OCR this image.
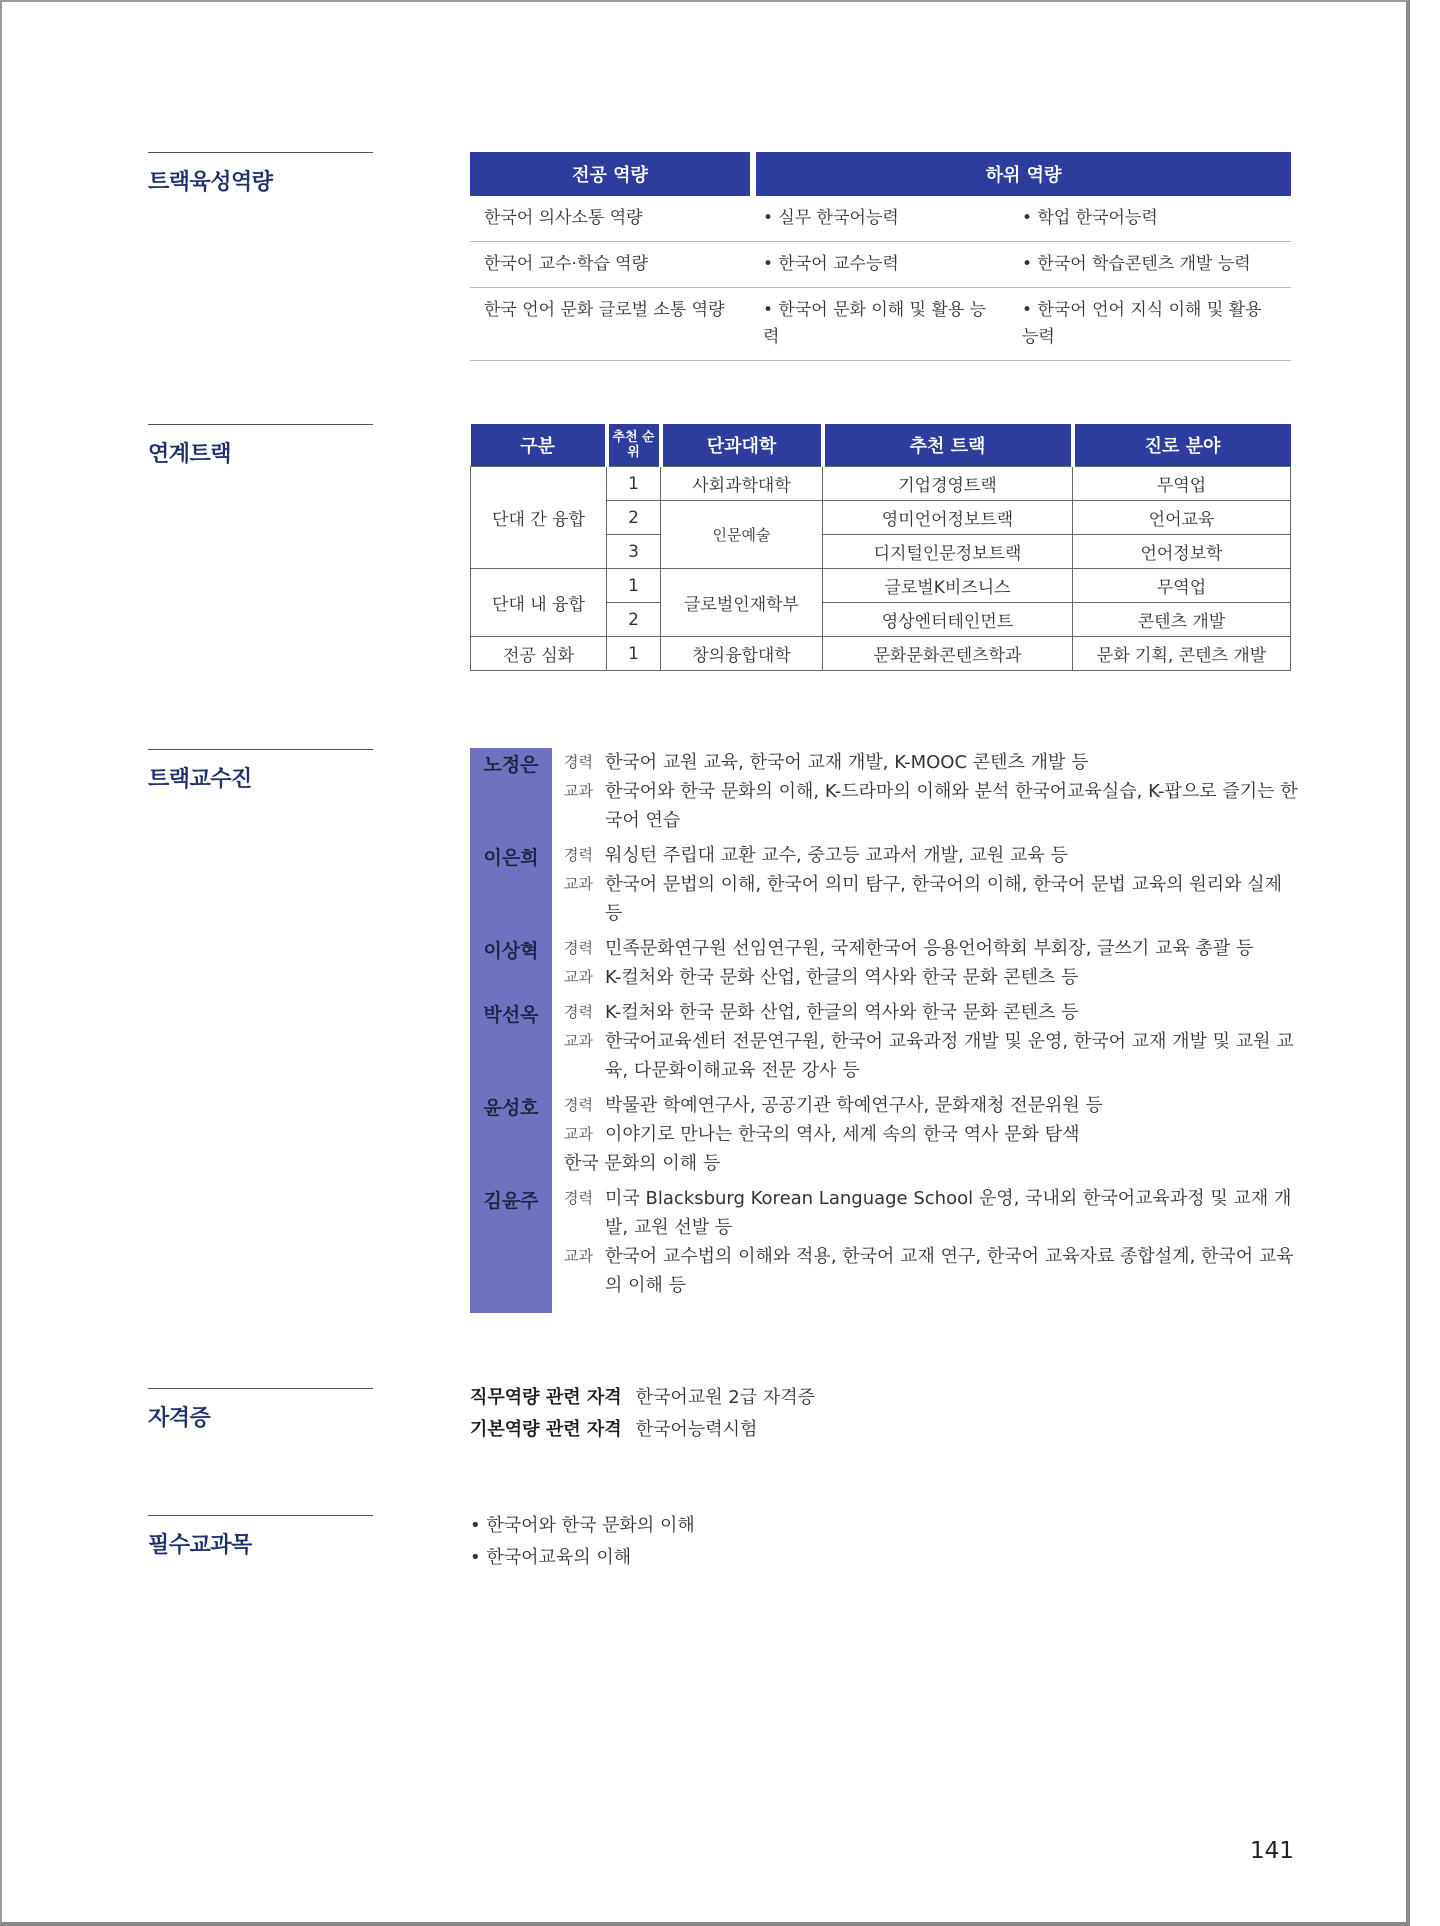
트랙육성역량
연계트랙
트랙교수진
자격증
필수교과목
전공 역량	하위 역량	
한국어 의사소통 역량	• 실무 한국어능력	• 학업 한국어능력
한국어 교수·학습 역량	• 한국어 교수능력	• 한국어 학습콘텐츠 개발 능력
한국 언어 문화 글로벌 소통 역량	• 한국어 문화 이해 및 활용 능력	• 한국어 언어 지식 이해 및 활용 능력
구분	추천 순위	단과대학	추천 트랙	진로 분야
단대 간 융합	1	사회과학대학	기업경영트랙	무역업
	2	인문예술	영미언어정보트랙	언어교육
	3		디지털인문정보트랙	언어정보학
단대 내 융합	1	글로벌인재학부	글로벌K비즈니스	무역업
	2		영상엔터테인먼트	콘텐츠 개발
전공 심화	1	창의융합대학	문화문화콘텐츠학과	문화 기획, 콘텐츠 개발
노정은	경력 한국어 교원 교육, 한국어 교재 개발, K-MOOC 콘텐츠 개발 등
교과 한국어와 한국 문화의 이해, K-드라마의 이해와 분석 한국어교육실습, K-팝으로 즐기는 한국어 연습
이은희	경력 워싱턴 주립대 교환 교수, 중고등 교과서 개발, 교원 교육 등
교과 한국어 문법의 이해, 한국어 의미 탐구, 한국어의 이해, 한국어 문법 교육의 원리와 실제 등
이상혁	경력 민족문화연구원 선임연구원, 국제한국어 응용언어학회 부회장, 글쓰기 교육 총괄 등
교과 K-컬처와 한국 문화 산업, 한글의 역사와 한국 문화 콘텐츠 등
박선옥	경력 K-컬처와 한국 문화 산업, 한글의 역사와 한국 문화 콘텐츠 등
교과 한국어교육센터 전문연구원, 한국어 교육과정 개발 및 운영, 한국어 교재 개발 및 교원 교육, 다문화이해교육 전문 강사 등
윤성호	경력 박물관 학예연구사, 공공기관 학예연구사, 문화재청 전문위원 등
교과 이야기로 만나는 한국의 역사, 세계 속의 한국 역사 문화 탐색
한국 문화의 이해 등
김윤주	경력 미국 Blacksburg Korean Language School 운영, 국내외 한국어교육과정 및 교재 개발, 교원 선발 등
교과 한국어 교수법의 이해와 적용, 한국어 교재 연구, 한국어 교육자료 종합설계, 한국어 교육의 이해 등
직무역량 관련 자격 한국어교원 2급 자격증
기본역량 관련 자격 한국어능력시험
• 한국어와 한국 문화의 이해
• 한국어교육의 이해
141
